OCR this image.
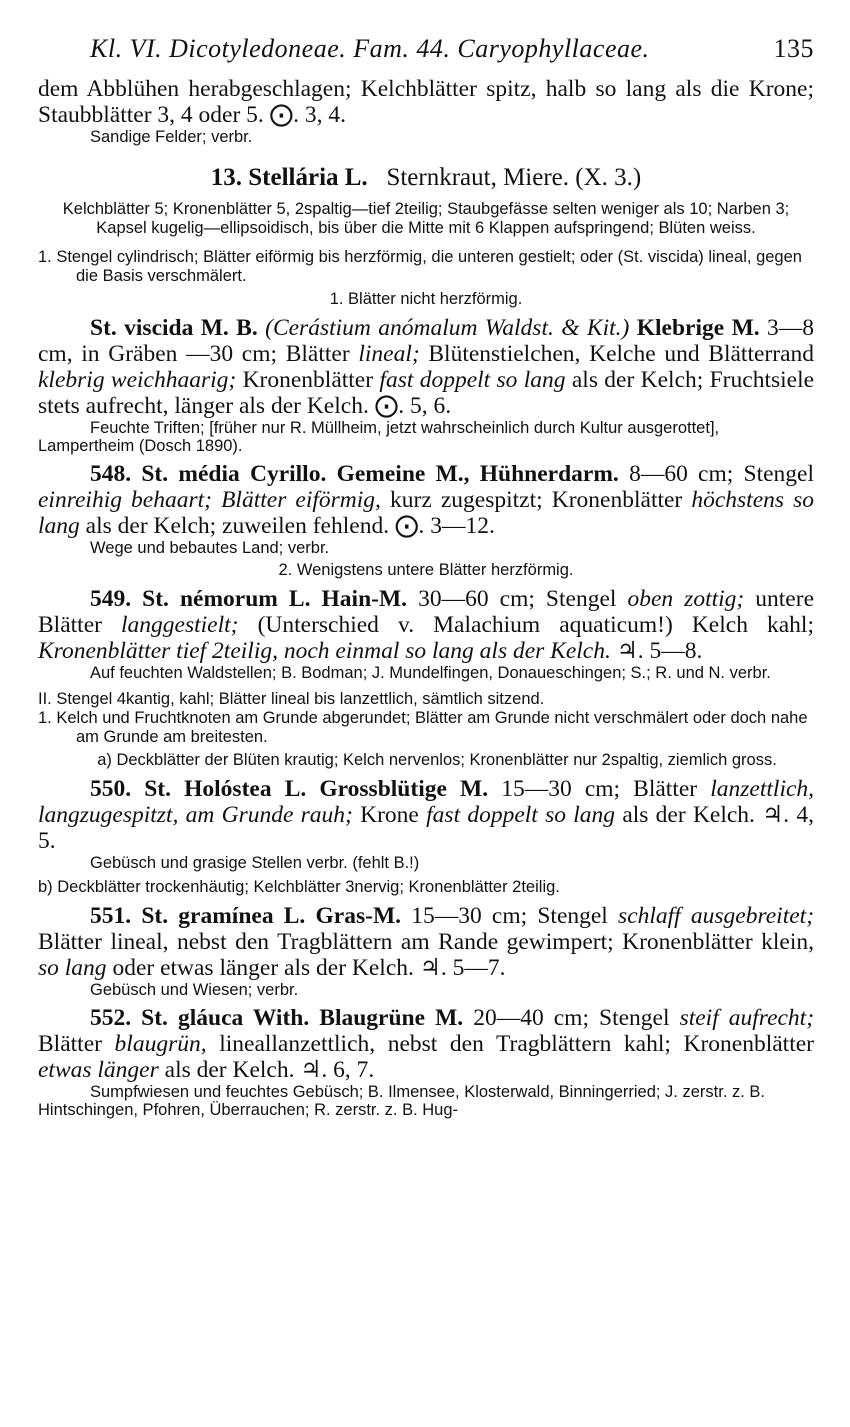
Kl. VI. Dicotyledoneae. Fam. 44. Caryophyllaceae.	135

dem Abblühen herabgeschlagen; Kelchblätter spitz, halb so lang als die Krone; Staubblätter 3, 4 oder 5. ⨀. 3, 4.

Sandige Felder; verbr.

13. Stellária L. Sternkraut, Miere. (X. 3.)

Kelchblätter 5; Kronenblätter 5, 2spaltig—tief 2teilig; Staubgefässe selten weniger als 10; Narben 3; Kapsel kugelig—ellipsoidisch, bis über die Mitte mit 6 Klappen aufspringend; Blüten weiss.

1. Stengel cylindrisch; Blätter eiförmig bis herzförmig, die unteren gestielt; oder (St. viscida) lineal, gegen die Basis verschmälert.

1. Blätter nicht herzförmig.

St. viscida M. B. (Cerástium anómalum Waldst. & Kit.) Klebrige M. 3—8 cm, in Gräben —30 cm; Blätter lineal; Blütenstielchen, Kelche und Blätterrand klebrig weichhaarig; Kronenblätter fast doppelt so lang als der Kelch; Fruchtsiele stets aufrecht, länger als der Kelch. ⨀. 5, 6.

Feuchte Triften; [früher nur R. Müllheim, jetzt wahrscheinlich durch Kultur ausgerottet], Lampertheim (Dosch 1890).

548. St. média Cyrillo. Gemeine M., Hühnerdarm. 8—60 cm; Stengel einreihig behaart; Blätter eiförmig, kurz zugespitzt; Kronenblätter höchstens so lang als der Kelch; zuweilen fehlend. ⨀. 3—12.

Wege und bebautes Land; verbr.

2. Wenigstens untere Blätter herzförmig.

549. St. némorum L. Hain-M. 30—60 cm; Stengel oben zottig; untere Blätter langgestielt; (Unterschied v. Malachium aquaticum!) Kelch kahl; Kronenblätter tief 2teilig, noch einmal so lang als der Kelch. ♃. 5—8.

Auf feuchten Waldstellen; B. Bodman; J. Mundelfingen, Donaueschingen; S.; R. und N. verbr.

II. Stengel 4kantig, kahl; Blätter lineal bis lanzettlich, sämtlich sitzend.

1. Kelch und Fruchtknoten am Grunde abgerundet; Blätter am Grunde nicht verschmälert oder doch nahe am Grunde am breitesten.

a) Deckblätter der Blüten krautig; Kelch nervenlos; Kronenblätter nur 2spaltig, ziemlich gross.

550. St. Holóstea L. Grossblütige M. 15—30 cm; Blätter lanzettlich, langzugespitzt, am Grunde rauh; Krone fast doppelt so lang als der Kelch. ♃. 4, 5.

Gebüsch und grasige Stellen verbr. (fehlt B.!)

b) Deckblätter trockenhäutig; Kelchblätter 3nervig; Kronenblätter 2teilig.

551. St. gramínea L. Gras-M. 15—30 cm; Stengel schlaff ausgebreitet; Blätter lineal, nebst den Tragblättern am Rande gewimpert; Kronenblätter klein, so lang oder etwas länger als der Kelch. ♃. 5—7.

Gebüsch und Wiesen; verbr.

552. St. gláuca With. Blaugrüne M. 20—40 cm; Stengel steif aufrecht; Blätter blaugrün, lineallanzettlich, nebst den Tragblättern kahl; Kronenblätter etwas länger als der Kelch. ♃. 6, 7.

Sumpfwiesen und feuchtes Gebüsch; B. Ilmensee, Klosterwald, Binningerried; J. zerstr. z. B. Hintschingen, Pfohren, Überrauchen; R. zerstr. z. B. Hug-
